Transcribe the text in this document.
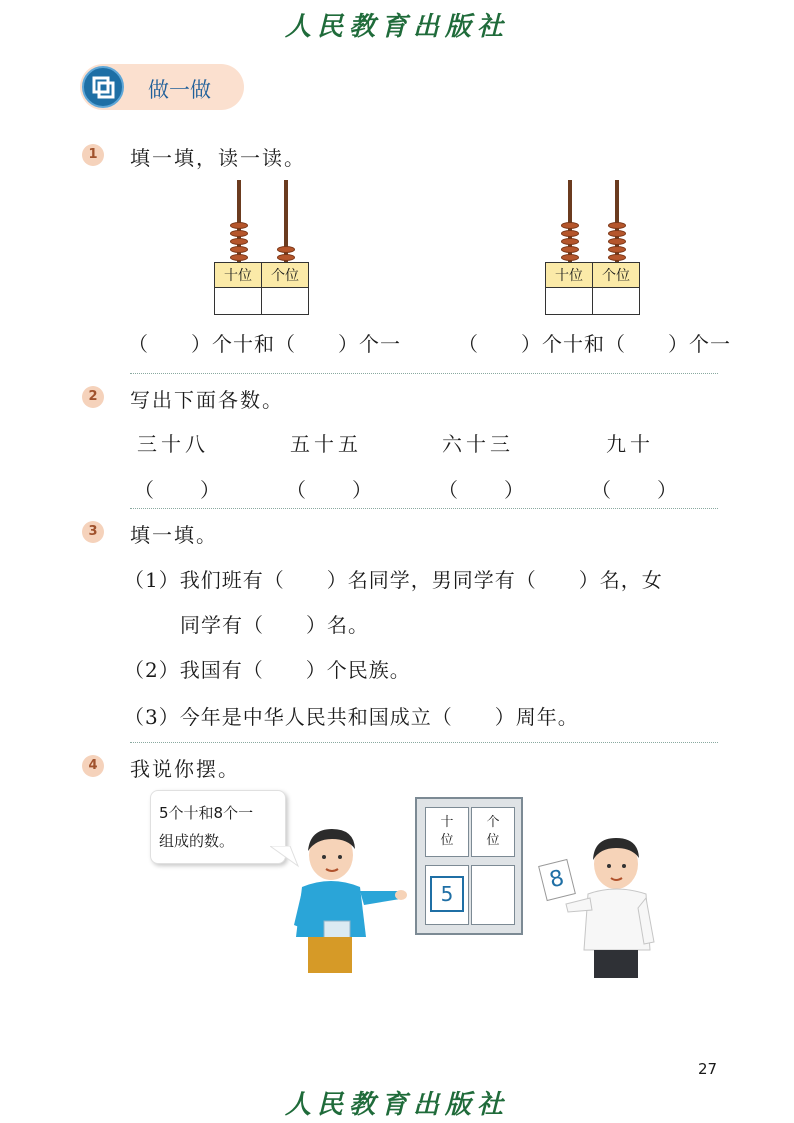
人民教育出版社
做一做
1	填一填，读一读。
十位	个位
		十位	个位

（　　）个十和（　　）个一	（　　）个十和（　　）个一
2	写出下面各数。
三十八	五十五	六十三	九十
（　　）	（　　）	（　　）	（　　）
3	填一填。
（1）我们班有（　　）名同学，男同学有（　　）名，女
同学有（　　）名。
（2）我国有（　　）个民族。
（3）今年是中华人民共和国成立（　　）周年。
4	我说你摆。
5个十和8个一
组成的数。
十位
个位
5
8
27
人民教育出版社
